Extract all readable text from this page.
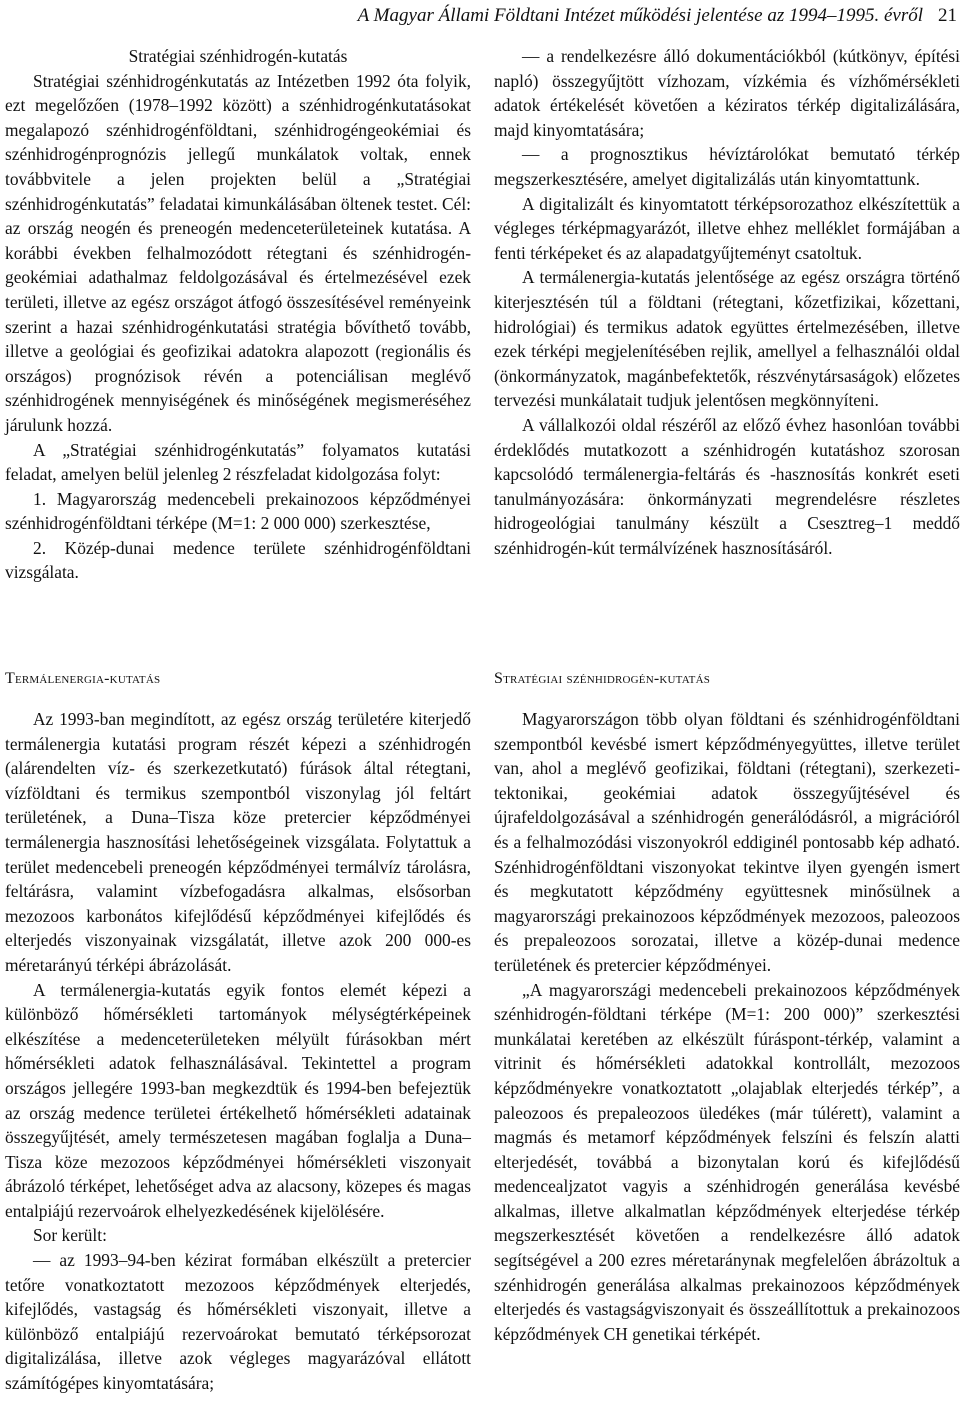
A Magyar Állami Földtani Intézet működési jelentése az 1994–1995. évről 21

Stratégiai szénhidrogén-kutatás

Stratégiai szénhidrogénkutatás az Intézetben 1992 óta folyik, ezt megelőzően (1978–1992 között) a szénhidrogénkutatásokat megalapozó szénhidrogénföldtani, szénhidrogéngeokémiai és szénhidrogénprognózis jellegű munkálatok voltak, ennek továbbvitele a jelen projekten belül a „Stratégiai szénhidrogénkutatás” feladatai kimunkálásában öltenek testet. Cél: az ország neogén és preneogén medenceterületeinek kutatása. A korábbi években felhalmozódott rétegtani és szénhidrogén-geokémiai adathalmaz feldolgozásával és értelmezésével ezek területi, illetve az egész országot átfogó összesítésével reményeink szerint a hazai szénhidrogénkutatási stratégia bővíthető tovább, illetve a geológiai és geofizikai adatokra alapozott (regionális és országos) prognózisok révén a potenciálisan meglévő szénhidrogének mennyiségének és minőségének megismeréséhez járulunk hozzá.

A „Stratégiai szénhidrogénkutatás” folyamatos kutatási feladat, amelyen belül jelenleg 2 részfeladat kidolgozása folyt:

1. Magyarország medencebeli prekainozoos képződményei szénhidrogénföldtani térképe (M=1: 2 000 000) szerkesztése,

2. Közép-dunai medence területe szénhidrogénföldtani vizsgálata.

Termálenergia-kutatás

Az 1993-ban megindított, az egész ország területére kiterjedő termálenergia kutatási program részét képezi a szénhidrogén (alárendelten víz- és szerkezetkutató) fúrások által rétegtani, vízföldtani és termikus szempontból viszonylag jól feltárt területének, a Duna–Tisza köze pretercier képződményei termálenergia hasznosítási lehetőségeinek vizsgálata. Folytattuk a terület medencebeli preneogén képződményei termálvíz tárolásra, feltárásra, valamint vízbefogadásra alkalmas, elsősorban mezozoos karbonátos kifejlődésű képződményei kifejlődés és elterjedés viszonyainak vizsgálatát, illetve azok 200 000-es méretarányú térképi ábrázolását.

A termálenergia-kutatás egyik fontos elemét képezi a különböző hőmérsékleti tartományok mélységtérképeinek elkészítése a medenceterületeken mélyült fúrásokban mért hőmérsékleti adatok felhasználásával. Tekintettel a program országos jellegére 1993-ban megkezdtük és 1994-ben befejeztük az ország medence területei értékelhető hőmérsékleti adatainak összegyűjtését, amely természetesen magában foglalja a Duna–Tisza köze mezozoos képződményei hőmérsékleti viszonyait ábrázoló térképet, lehetőséget adva az alacsony, közepes és magas entalpiájú rezervoárok elhelyezkedésének kijelölésére.

Sor került:

— az 1993–94-ben kézirat formában elkészült a pretercier tetőre vonatkoztatott mezozoos képződmények elterjedés, kifejlődés, vastagság és hőmérsékleti viszonyait, illetve a különböző entalpiájú rezervoárokat bemutató térképsorozat digitalizálása, illetve azok végleges magyarázóval ellátott számítógépes kinyomtatására;

— a rendelkezésre álló dokumentációkból (kútkönyv, építési napló) összegyűjtött vízhozam, vízkémia és vízhőmérsékleti adatok értékelését követően a kéziratos térkép digitalizálására, majd kinyomtatására;

— a prognosztikus hévíztárolókat bemutató térkép megszerkesztésére, amelyet digitalizálás után kinyomtattunk.

A digitalizált és kinyomtatott térképsorozathoz elkészítettük a végleges térképmagyarázót, illetve ehhez melléklet formájában a fenti térképeket és az alapadatgyűjteményt csatoltuk.

A termálenergia-kutatás jelentősége az egész országra történő kiterjesztésén túl a földtani (rétegtani, kőzetfizikai, kőzettani, hidrológiai) és termikus adatok együttes értelmezésében, illetve ezek térképi megjelenítésében rejlik, amellyel a felhasználói oldal (önkormányzatok, magánbefektetők, részvénytársaságok) előzetes tervezési munkálatait tudjuk jelentősen megkönnyíteni.

A vállalkozói oldal részéről az előző évhez hasonlóan további érdeklődés mutatkozott a szénhidrogén kutatáshoz szorosan kapcsolódó termálenergia-feltárás és -hasznosítás konkrét eseti tanulmányozására: önkormányzati megrendelésre részletes hidrogeológiai tanulmány készült a Csesztreg–1 meddő szénhidrogén-kút termálvízének hasznosításáról.

Stratégiai szénhidrogén-kutatás

Magyarországon több olyan földtani és szénhidrogénföldtani szempontból kevésbé ismert képződményegyüttes, illetve terület van, ahol a meglévő geofizikai, földtani (rétegtani), szerkezeti-tektonikai, geokémiai adatok összegyűjtésével és újrafeldolgozásával a szénhidrogén generálódásról, a migrációról és a felhalmozódási viszonyokról eddiginél pontosabb kép adható. Szénhidrogénföldtani viszonyokat tekintve ilyen gyengén ismert és megkutatott képződmény együttesnek minősülnek a magyarországi prekainozoos képződmények mezozoos, paleozoos és prepaleozoos sorozatai, illetve a közép-dunai medence területének és pretercier képződményei.

„A magyarországi medencebeli prekainozoos képződmények szénhidrogén-földtani térképe (M=1: 200 000)” szerkesztési munkálatai keretében az elkészült fúráspont-térkép, valamint a vitrinit és hőmérsékleti adatokkal kontrollált, mezozoos képződményekre vonatkoztatott „olajablak elterjedés térkép”, a paleozoos és prepaleozoos üledékes (már túlérett), valamint a magmás és metamorf képződmények felszíni és felszín alatti elterjedését, továbbá a bizonytalan korú és kifejlődésű medencealjzatot vagyis a szénhidrogén generálása kevésbé alkalmas, illetve alkalmatlan képződmények elterjedése térkép megszerkesztését követően a rendelkezésre álló adatok segítségével a 200 ezres méretaránynak megfelelően ábrázoltuk a szénhidrogén generálása alkalmas prekainozoos képződmények elterjedés és vastagságviszonyait és összeállítottuk a prekainozoos képződmények CH genetikai térképét.
